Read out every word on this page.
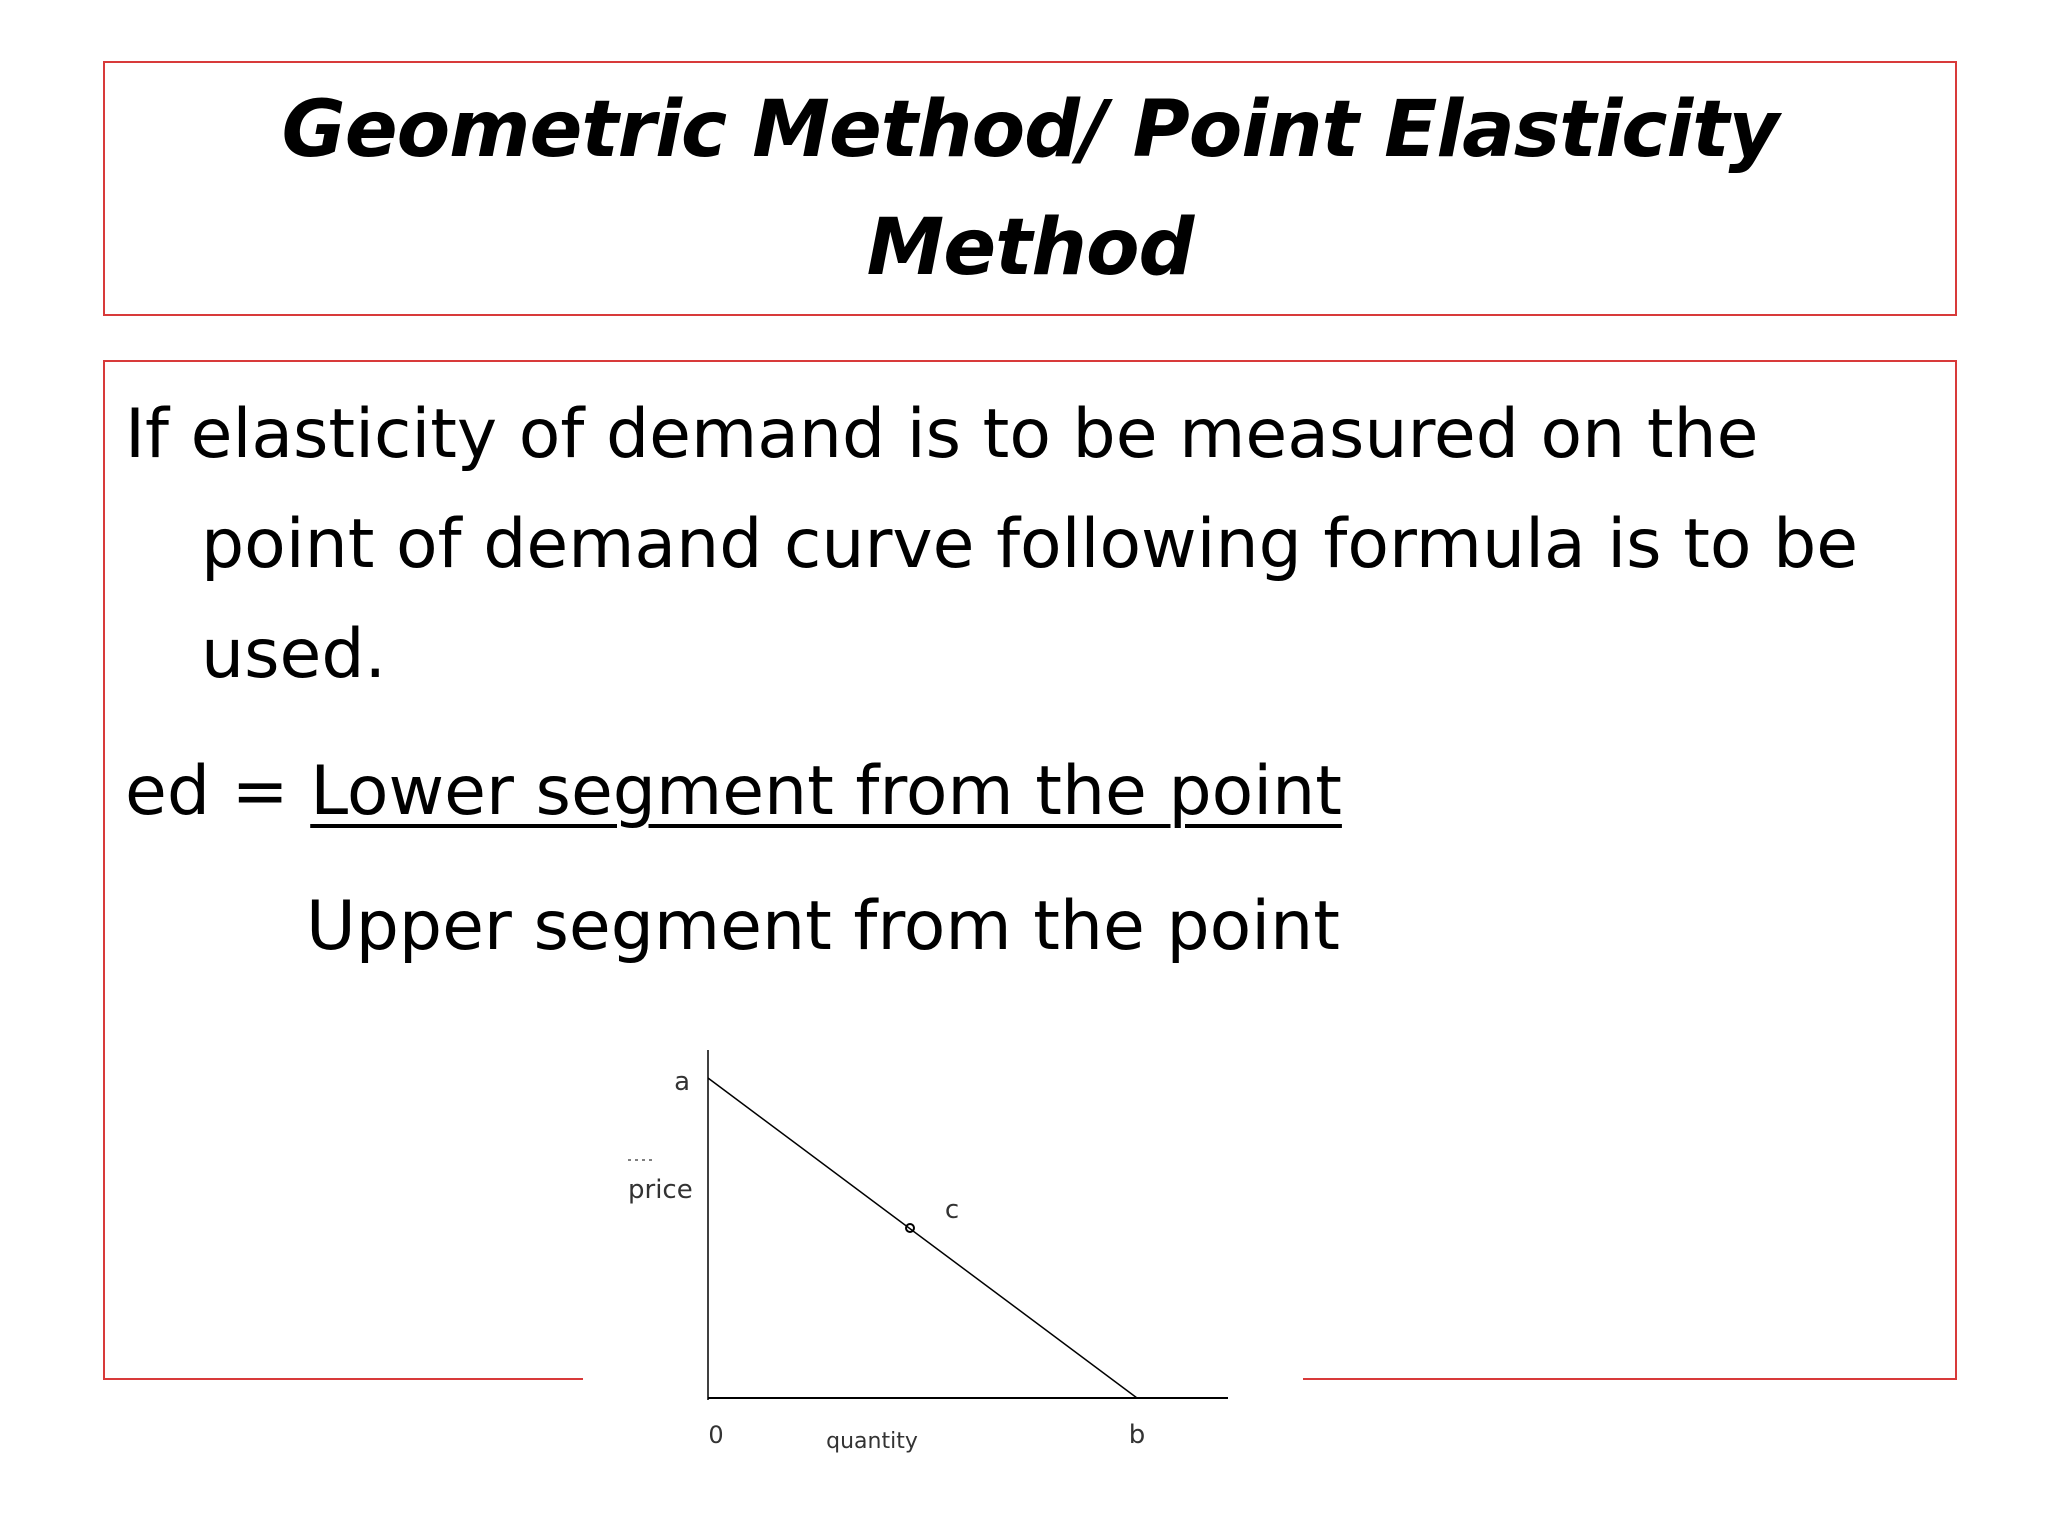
Geometric Method/ Point Elasticity Method

If elasticity of demand is to be measured on the point of demand curve following formula is to be used.

ed = Lower segment from the point
Upper segment from the point
a
b
c
0
price
quantity
